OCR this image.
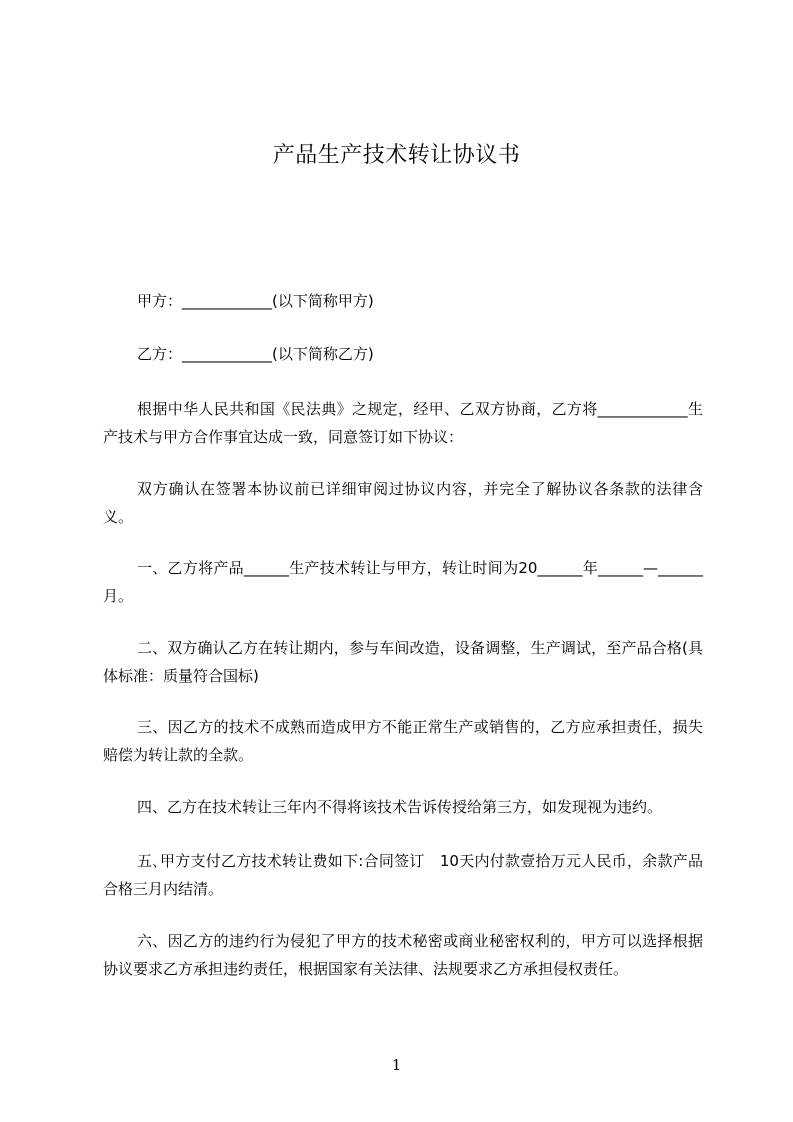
产品生产技术转让协议书
甲方：____________(以下简称甲方)
乙方：____________(以下简称乙方)
根据中华人民共和国《民法典》之规定，经甲、乙双方协商，乙方将____________生产技术与甲方合作事宜达成一致，同意签订如下协议：
双方确认在签署本协议前已详细审阅过协议内容，并完全了解协议各条款的法律含义。
一、乙方将产品______生产技术转让与甲方，转让时间为20______年______—______月。
二、双方确认乙方在转让期内，参与车间改造，设备调整，生产调试，至产品合格(具体标准：质量符合国标)
三、因乙方的技术不成熟而造成甲方不能正常生产或销售的，乙方应承担责任，损失赔偿为转让款的全款。
四、乙方在技术转让三年内不得将该技术告诉传授给第三方，如发现视为违约。
五､甲方支付乙方技术转让费如下:合同签订　10天内付款壹拾万元人民币，余款产品合格三月内结清。
六、因乙方的违约行为侵犯了甲方的技术秘密或商业秘密权利的，甲方可以选择根据协议要求乙方承担违约责任，根据国家有关法律、法规要求乙方承担侵权责任。
1
